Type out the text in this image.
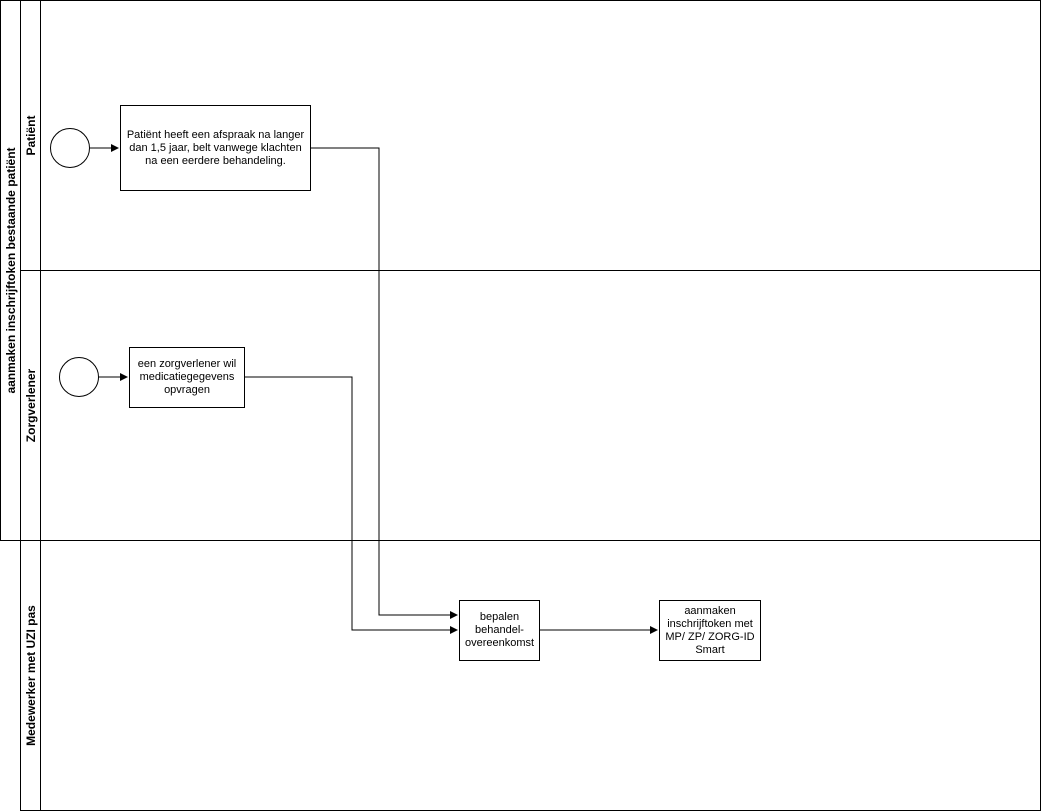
aanmaken inschrijftoken bestaande patiënt
Patiënt
Zorgverlener
Medewerker met UZI pas
Patiënt heeft een afspraak na langer dan 1,5 jaar, belt vanwege klachten na een eerdere behandeling.
een zorgverlener wil medicatiegegevens opvragen
bepalen behandel-overeenkomst
aanmaken inschrijftoken met MP/ ZP/ ZORG-ID Smart
